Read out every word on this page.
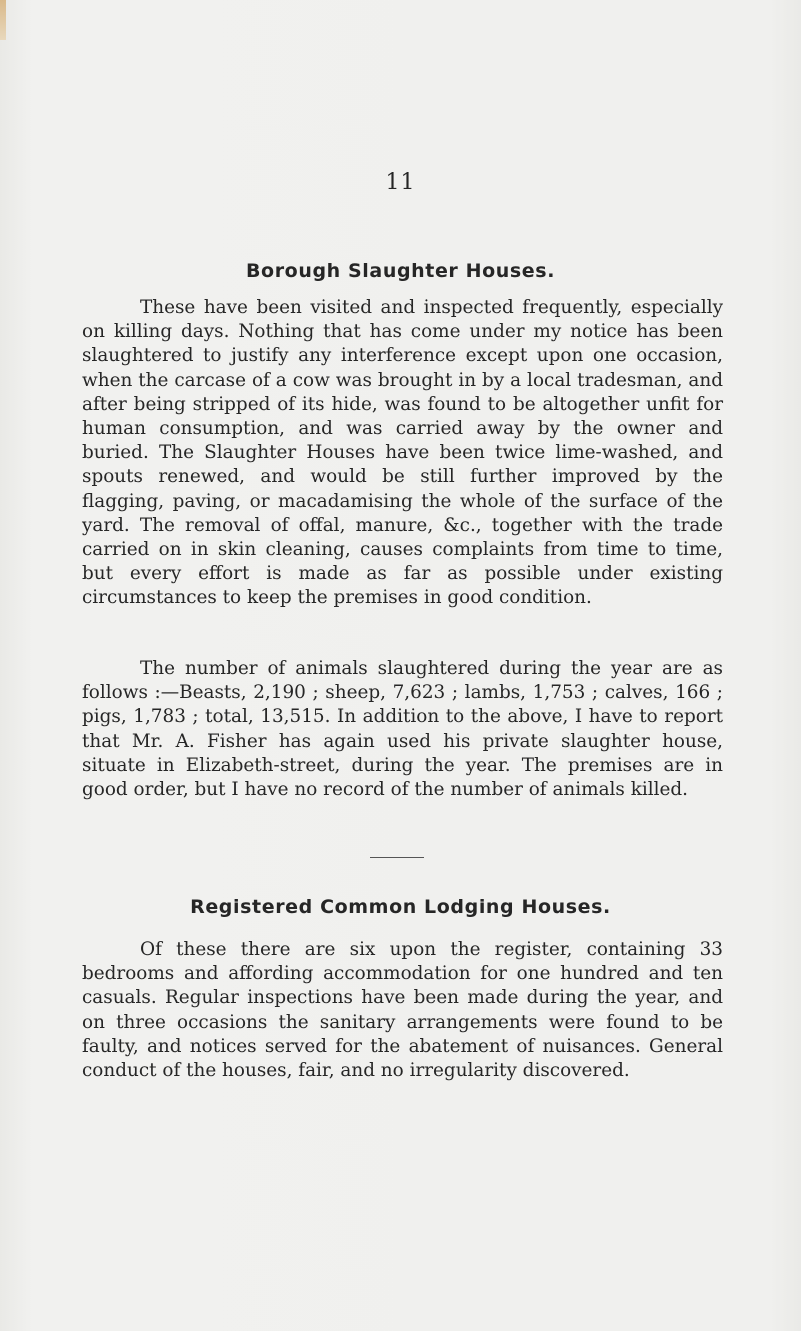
11
Borough Slaughter Houses.

These have been visited and inspected frequently, especially on killing days. Nothing that has come under my notice has been slaughtered to justify any interference except upon one occasion, when the carcase of a cow was brought in by a local tradesman, and after being stripped of its hide, was found to be altogether unfit for human consumption, and was carried away by the owner and buried. The Slaughter Houses have been twice lime-washed, and spouts renewed, and would be still further improved by the flagging, paving, or macadamising the whole of the surface of the yard. The removal of offal, manure, &c., together with the trade carried on in skin cleaning, causes complaints from time to time, but every effort is made as far as possible under existing circumstances to keep the premises in good condition.

The number of animals slaughtered during the year are as follows :—Beasts, 2,190 ; sheep, 7,623 ; lambs, 1,753 ; calves, 166 ; pigs, 1,783 ; total, 13,515. In addition to the above, I have to report that Mr. A. Fisher has again used his private slaughter house, situate in Elizabeth-street, during the year. The premises are in good order, but I have no record of the number of animals killed.

Registered Common Lodging Houses.

Of these there are six upon the register, containing 33 bedrooms and affording accommodation for one hundred and ten casuals. Regular inspections have been made during the year, and on three occasions the sanitary arrangements were found to be faulty, and notices served for the abatement of nuisances. General conduct of the houses, fair, and no irregularity discovered.
